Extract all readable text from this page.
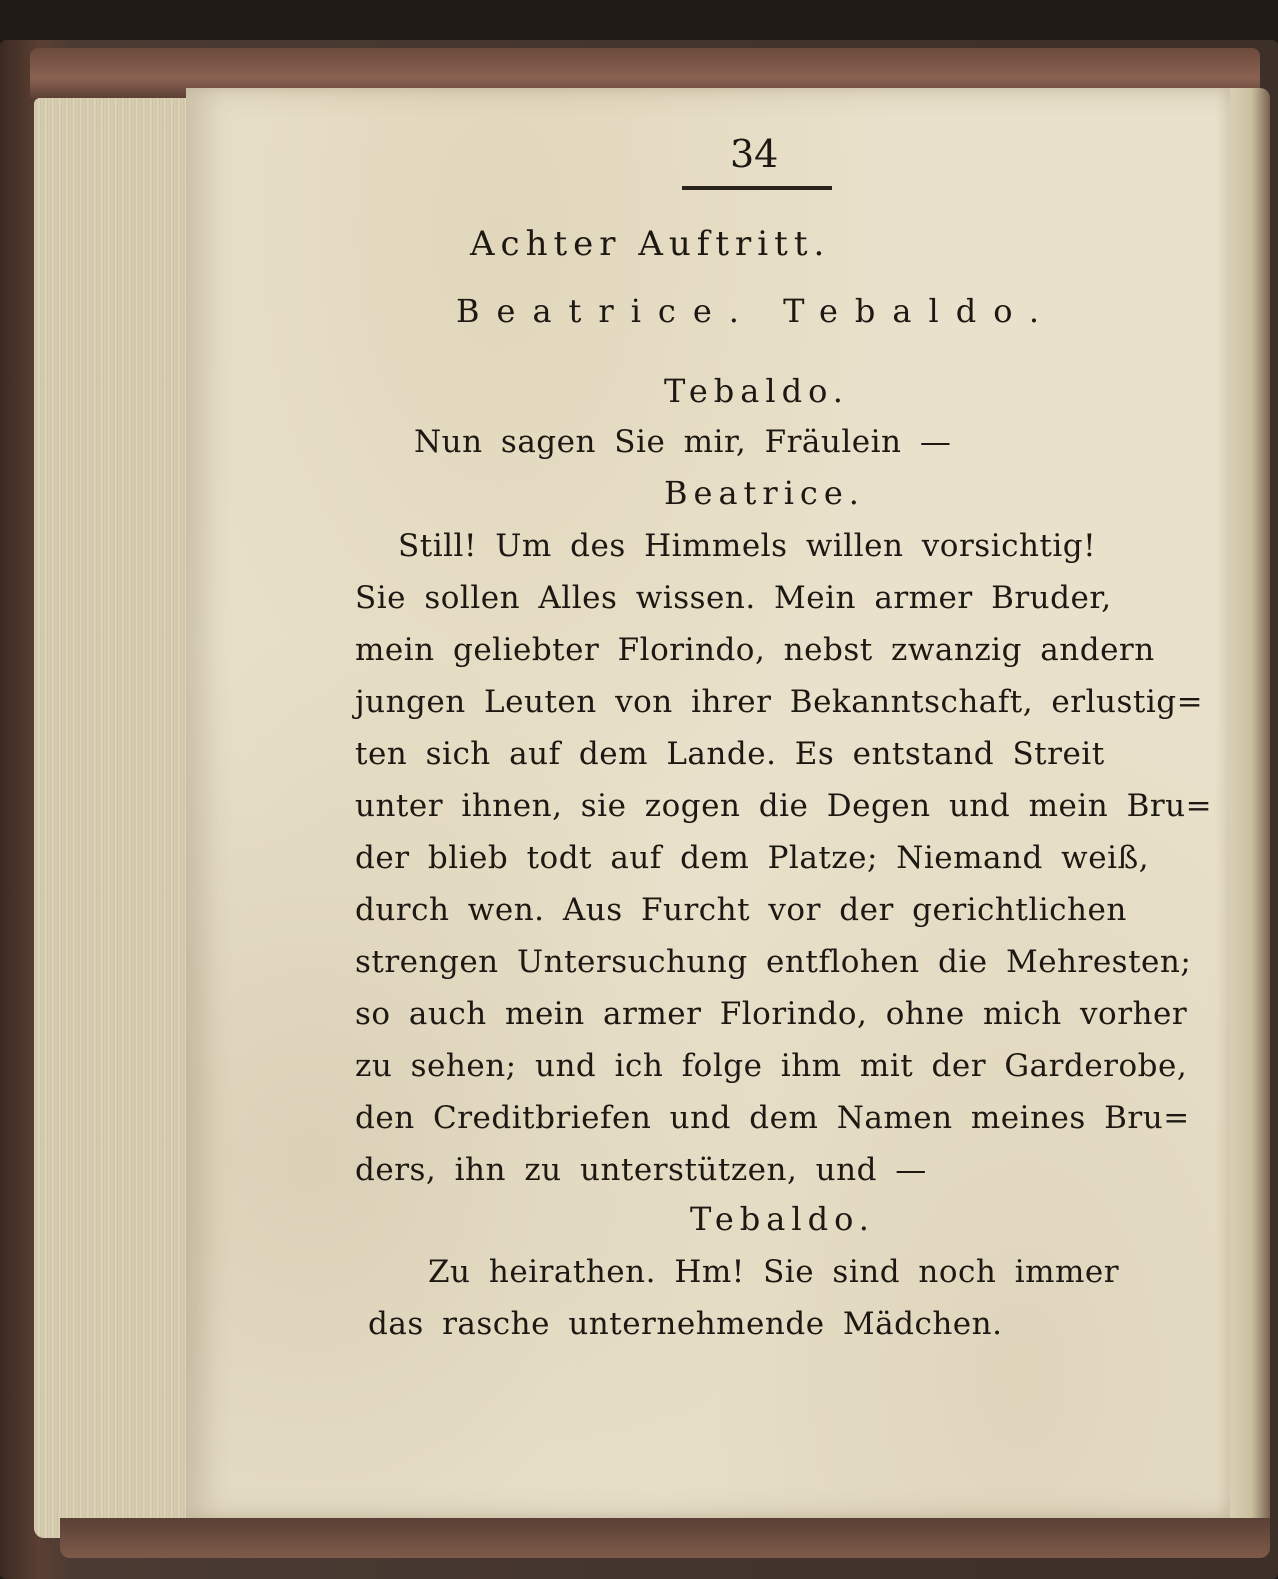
34
Achter Auftritt.
Beatrice. Tebaldo.
Tebaldo.
Nun sagen Sie mir, Fräulein —
Beatrice.
Still! Um des Himmels willen vorsichtig!
Sie sollen Alles wissen. Mein armer Bruder,
mein geliebter Florindo, nebst zwanzig andern
jungen Leuten von ihrer Bekanntschaft, erlustig=
ten sich auf dem Lande. Es entstand Streit
unter ihnen, sie zogen die Degen und mein Bru=
der blieb todt auf dem Platze; Niemand weiß,
durch wen. Aus Furcht vor der gerichtlichen
strengen Untersuchung entflohen die Mehresten;
so auch mein armer Florindo, ohne mich vorher
zu sehen; und ich folge ihm mit der Garderobe,
den Creditbriefen und dem Namen meines Bru=
ders, ihn zu unterstützen, und —
Tebaldo.
Zu heirathen. Hm! Sie sind noch immer
das rasche unternehmende Mädchen.
